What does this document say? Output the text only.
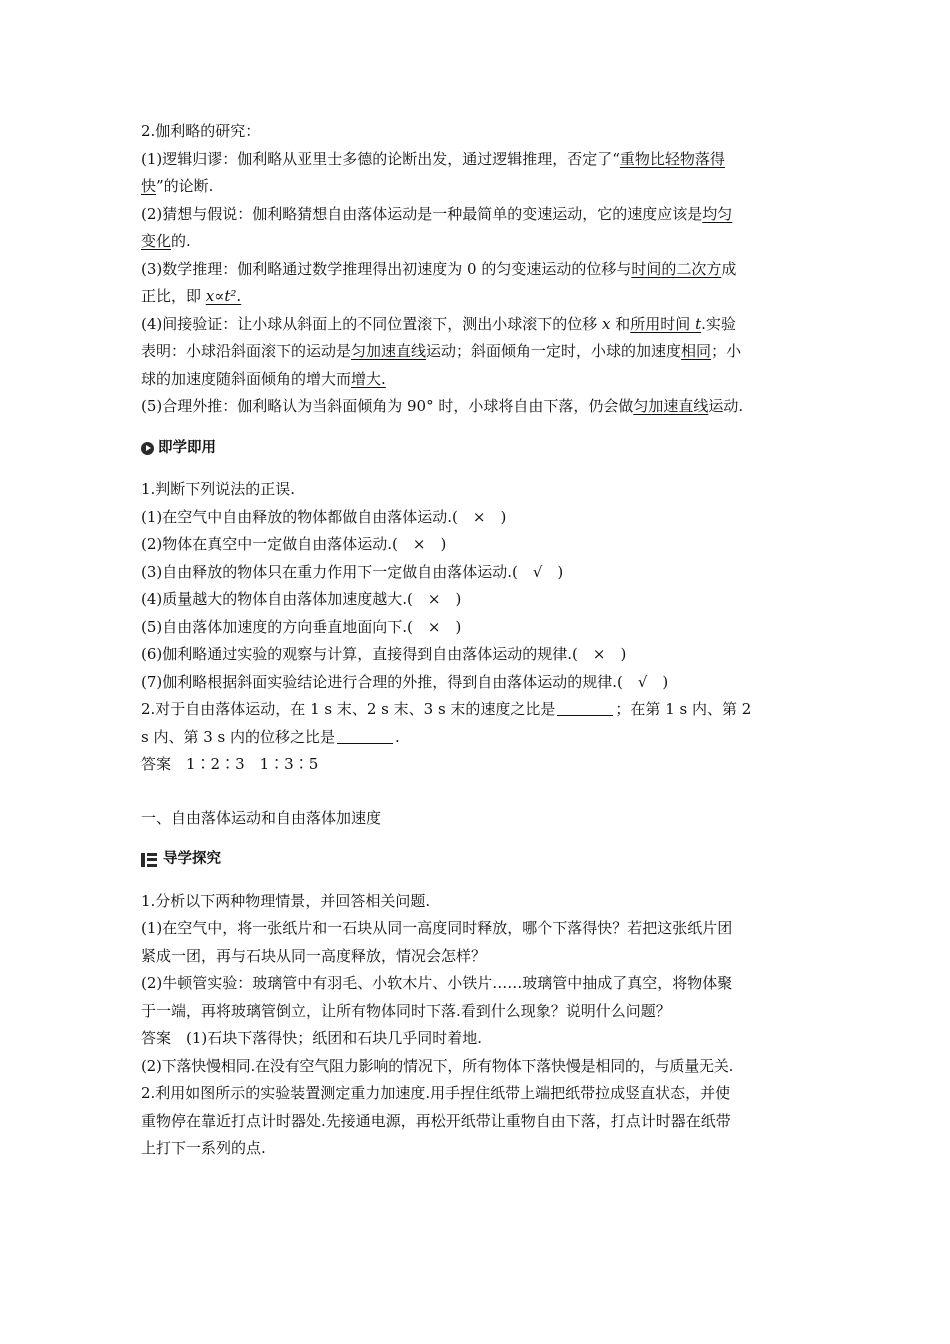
2.伽利略的研究：
(1)逻辑归谬：伽利略从亚里士多德的论断出发，通过逻辑推理，否定了“重物比轻物落得
快”的论断.
(2)猜想与假说：伽利略猜想自由落体运动是一种最简单的变速运动，它的速度应该是均匀
变化的.
(3)数学推理：伽利略通过数学推理得出初速度为 0 的匀变速运动的位移与时间的二次方成
正比，即 x∝t².
(4)间接验证：让小球从斜面上的不同位置滚下，测出小球滚下的位移 x 和所用时间 t.实验
表明：小球沿斜面滚下的运动是匀加速直线运动；斜面倾角一定时，小球的加速度相同；小
球的加速度随斜面倾角的增大而增大.
(5)合理外推：伽利略认为当斜面倾角为 90° 时，小球将自由下落，仍会做匀加速直线运动.
即学即用
1.判断下列说法的正误.
(1)在空气中自由释放的物体都做自由落体运动.(　×　)
(2)物体在真空中一定做自由落体运动.(　×　)
(3)自由释放的物体只在重力作用下一定做自由落体运动.(　√　)
(4)质量越大的物体自由落体加速度越大.(　×　)
(5)自由落体加速度的方向垂直地面向下.(　×　)
(6)伽利略通过实验的观察与计算，直接得到自由落体运动的规律.(　×　)
(7)伽利略根据斜面实验结论进行合理的外推，得到自由落体运动的规律.(　√　)
2.对于自由落体运动，在 1 s 末、2 s 末、3 s 末的速度之比是	；在第 1 s 内、第 2
s 内、第 3 s 内的位移之比是	.
答案　1∶2∶3　1∶3∶5
一、自由落体运动和自由落体加速度
导学探究
1.分析以下两种物理情景，并回答相关问题.
(1)在空气中，将一张纸片和一石块从同一高度同时释放，哪个下落得快？若把这张纸片团
紧成一团，再与石块从同一高度释放，情况会怎样？
(2)牛顿管实验：玻璃管中有羽毛、小软木片、小铁片……玻璃管中抽成了真空，将物体聚
于一端，再将玻璃管倒立，让所有物体同时下落.看到什么现象？说明什么问题？
答案　(1)石块下落得快；纸团和石块几乎同时着地.
(2)下落快慢相同.在没有空气阻力影响的情况下，所有物体下落快慢是相同的，与质量无关.
2.利用如图所示的实验装置测定重力加速度.用手捏住纸带上端把纸带拉成竖直状态，并使
重物停在靠近打点计时器处.先接通电源，再松开纸带让重物自由下落，打点计时器在纸带
上打下一系列的点.
